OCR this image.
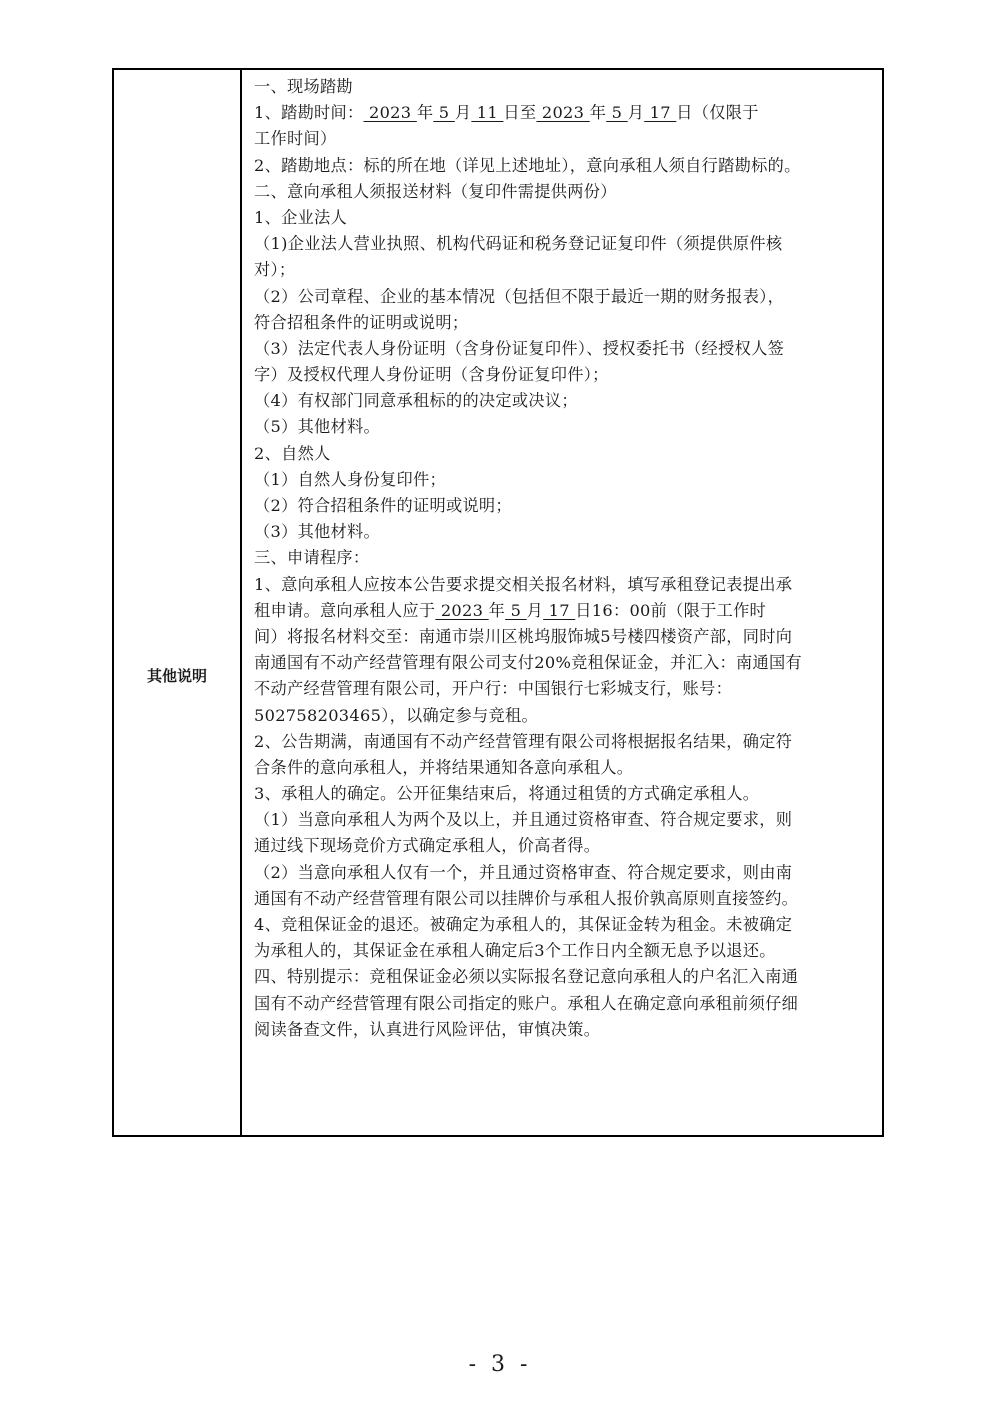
其他说明
一、现场踏勘
1、踏勘时间： 2023 年 5 月 11 日至 2023 年 5 月 17 日（仅限于
工作时间）
2、踏勘地点：标的所在地（详见上述地址），意向承租人须自行踏勘标的。
二、意向承租人须报送材料（复印件需提供两份）
1、企业法人
（1)企业法人营业执照、机构代码证和税务登记证复印件（须提供原件核
对）；
（2）公司章程、企业的基本情况（包括但不限于最近一期的财务报表），
符合招租条件的证明或说明；
（3）法定代表人身份证明（含身份证复印件）、授权委托书（经授权人签
字）及授权代理人身份证明（含身份证复印件）；
（4）有权部门同意承租标的的决定或决议；
（5）其他材料。
2、自然人
（1）自然人身份复印件；
（2）符合招租条件的证明或说明；
（3）其他材料。
三、申请程序：
1、意向承租人应按本公告要求提交相关报名材料，填写承租登记表提出承
租申请。意向承租人应于 2023 年 5 月 17 日16：00前（限于工作时
间）将报名材料交至：南通市崇川区桃坞服饰城5号楼四楼资产部，同时向
南通国有不动产经营管理有限公司支付20%竞租保证金，并汇入：南通国有
不动产经营管理有限公司，开户行：中国银行七彩城支行，账号：
502758203465），以确定参与竞租。
2、公告期满，南通国有不动产经营管理有限公司将根据报名结果，确定符
合条件的意向承租人，并将结果通知各意向承租人。
3、承租人的确定。公开征集结束后，将通过租赁的方式确定承租人。
（1）当意向承租人为两个及以上，并且通过资格审查、符合规定要求，则
通过线下现场竞价方式确定承租人，价高者得。
（2）当意向承租人仅有一个，并且通过资格审查、符合规定要求，则由南
通国有不动产经营管理有限公司以挂牌价与承租人报价孰高原则直接签约。
4、竞租保证金的退还。被确定为承租人的，其保证金转为租金。未被确定
为承租人的，其保证金在承租人确定后3个工作日内全额无息予以退还。
四、特别提示：竞租保证金必须以实际报名登记意向承租人的户名汇入南通
国有不动产经营管理有限公司指定的账户。承租人在确定意向承租前须仔细
阅读备查文件，认真进行风险评估，审慎决策。
- 3 -
